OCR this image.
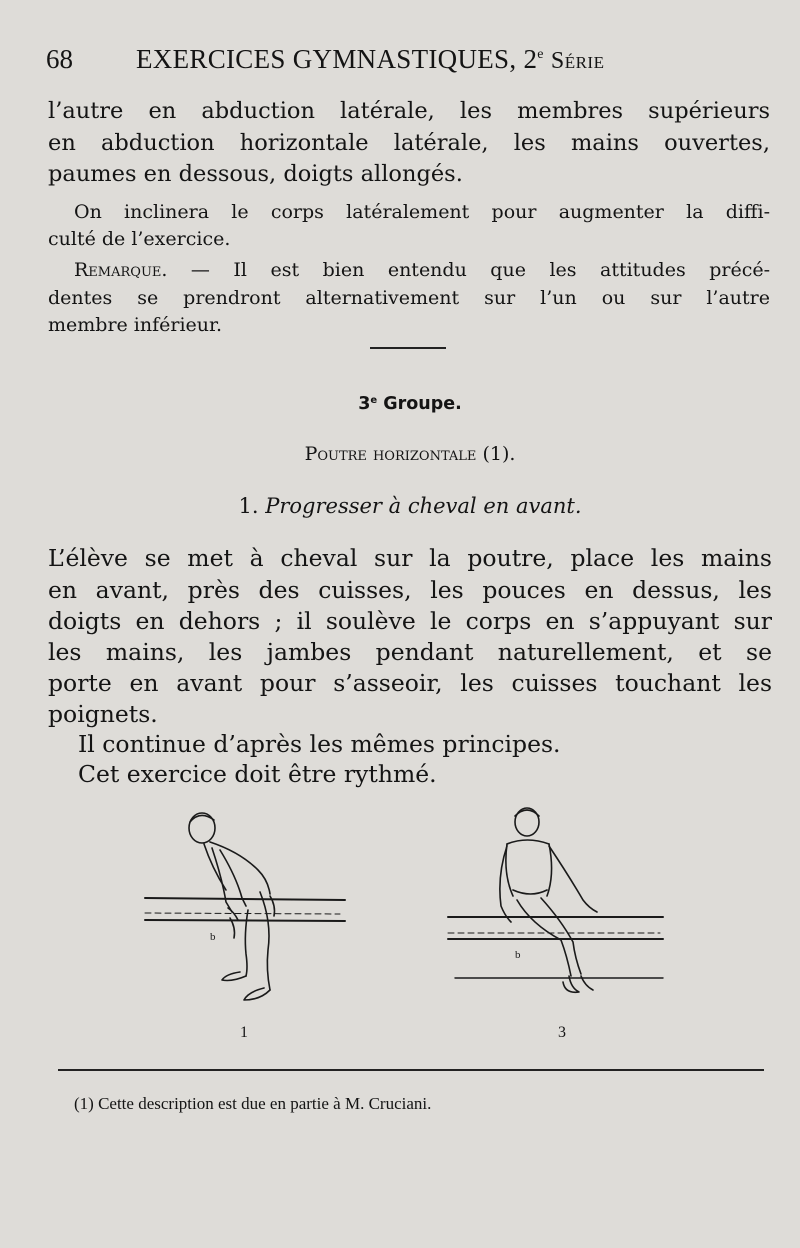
68 EXERCICES GYMNASTIQUES, 2e Série
l’autre en abduction latérale, les membres supérieurs
en abduction horizontale latérale, les mains ouvertes,
paumes en dessous, doigts allongés.
On inclinera le corps latéralement pour augmenter la diffi-
culté de l’exercice.
Remarque. — Il est bien entendu que les attitudes précé-
dentes se prendront alternativement sur l’un ou sur l’autre
membre inférieur.
3e Groupe.
Poutre horizontale (1).
1. Progresser à cheval en avant.
L’élève se met à cheval sur la poutre, place les mains
en avant, près des cuisses, les pouces en dessus, les
doigts en dehors ; il soulève le corps en s’appuyant sur
les mains, les jambes pendant naturellement, et se
porte en avant pour s’asseoir, les cuisses touchant les
poignets.
Il continue d’après les mêmes principes.
Cet exercice doit être rythmé.
b
1
b
3
(1) Cette description est due en partie à M. Cruciani.
